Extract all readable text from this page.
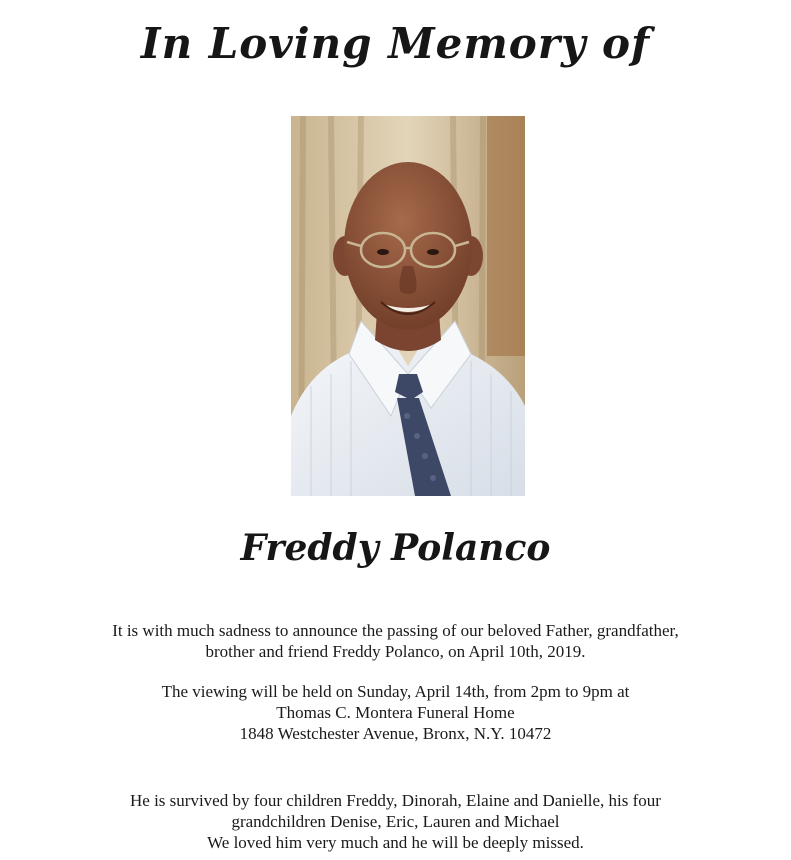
In Loving Memory of
Freddy Polanco
It is with much sadness to announce the passing of our beloved Father, grandfather,
brother and friend Freddy Polanco, on April 10th, 2019.
The viewing will be held on Sunday, April 14th, from 2pm to 9pm at
Thomas C. Montera Funeral Home
1848 Westchester Avenue, Bronx, N.Y. 10472
He is survived by four children Freddy, Dinorah, Elaine and Danielle, his four
grandchildren Denise, Eric, Lauren and Michael
We loved him very much and he will be deeply missed.
